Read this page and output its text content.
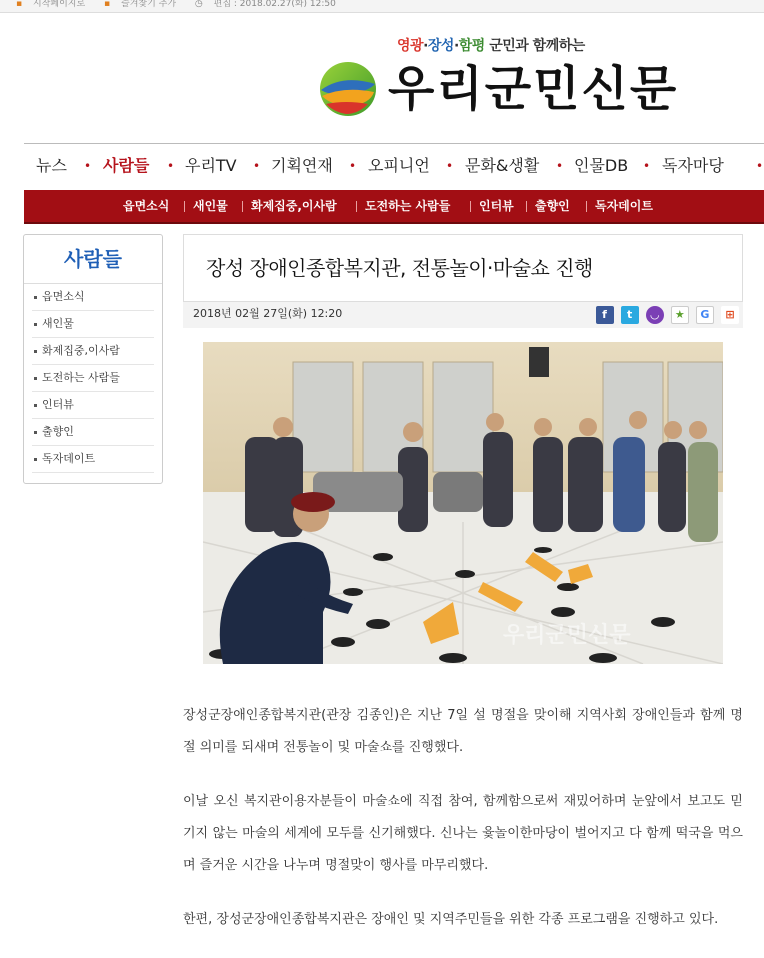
▪ 시작페이지로 ▪ 즐겨찾기 추가 ◷ 편집 : 2018.02.27(화) 12:50
영광·장성·함평 군민과 함께하는
우리군민신문
뉴스 • 사람들 • 우리TV • 기획연재 • 오피니언 • 문화&생활 • 인물DB • 독자마당	•
읍면소식 새인물 화제집중,이사람 도전하는 사람들 인터뷰 출향인 독자데이트
사람들
읍면소식
새인물
화제집중,이사람
도전하는 사람들
인터뷰
출향인
독자데이트
장성 장애인종합복지관, 전통놀이·마술쇼 진행
2018년 02월 27일(화) 12:20	f t ◡ ★ G ⊞
우리군민신문

장성군장애인종합복지관(관장 김종인)은 지난 7일 설 명절을 맞이해 지역사회 장애인들과 함께 명절 의미를 되새며 전통놀이 및 마술쇼를 진행했다.

이날 오신 복지관이용자분들이 마술쇼에 직접 참여, 함께함으로써 재밌어하며 눈앞에서 보고도 믿기지 않는 마술의 세계에 모두를 신기해했다. 신나는 윷놀이한마당이 벌어지고 다 함께 떡국을 먹으며 즐거운 시간을 나누며 명절맞이 행사를 마무리했다.

한편, 장성군장애인종합복지관은 장애인 및 지역주민들을 위한 각종 프로그램을 진행하고 있다.
